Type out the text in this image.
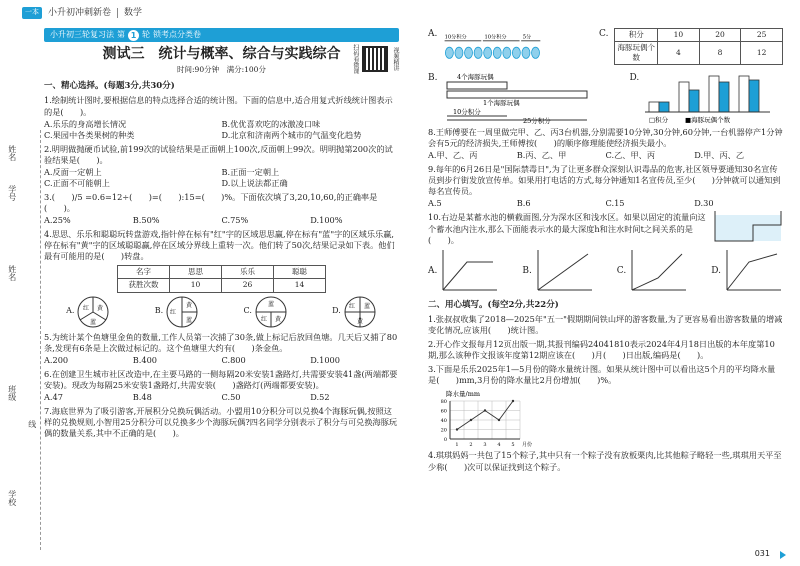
一本	小升初冲刺新卷 数学
姓名
学号
姓名
班级
线
学校
小升初三轮复习法 第 1 轮 锁考点分类卷
扫码看微课	视频精讲
测试三　统计与概率、综合与实践综合
时间:90分钟　满分:100分
一、精心选择。(每题3分,共30分)
1.绘制统计图时,要根据信息的特点选择合适的统计图。下面的信息中,适合用复式折线统计图表示的是(　　)。
A.乐乐的身高增长情况	B.优优喜欢吃的冰激凌口味
C.果园中各类果树的种类	D.北京和济南两个城市的气温变化趋势
2.明明做抛硬币试验,前199次的试验结果是正面朝上100次,反面朝上99次。明明抛第200次的试验结果是(　　)。
A.反面一定朝上	B.正面一定朝上
C.正面不可能朝上	D.以上说法都正确
3.(　　)/5 =0.6=12÷(　　)=(　　):15=(　　)%。下面依次填了3,20,10,60,的正确率是(　　)。
A.25%	B.50%	C.75%	D.100%
4.思思、乐乐和聪聪玩转盘游戏,指针停在标有"红"字的区域思思赢,停在标有"蓝"字的区域乐乐赢,停在标有"黄"字的区域聪聪赢,停在区域分界线上重转一次。他们转了50次,结果记录如下表。他们最有可能用的是(　　)转盘。
名字	思思	乐乐	聪聪
获胜次数	10	26	14
A. 红 黄
蓝
B. 红
黄
蓝
C.
蓝
红 黄
D.
红 蓝
黄
5.为统计某个鱼塘里金鱼的数量,工作人员第一次捕了30条,做上标记后放回鱼塘。几天后又捕了80条,发现有6条是上次做过标记的。这个鱼塘里大约有(　　)条金鱼。
A.200	B.400	C.800	D.1000
6.在创建卫生城市社区改造中,在主要马路的一侧每隔20米安装1盏路灯,共需要安装41盏(两端都要安装)。现改为每隔25米安装1盏路灯,共需安装(　　)盏路灯(两端都要安装)。
A.47	B.48	C.50	D.52
7.海底世界为了吸引游客,开展积分兑换玩偶活动。小盟用10分积分可以兑换4个海豚玩偶,按照这样的兑换规则,小智用25分积分可以兑换多少个海豚玩偶?四名同学分别表示了积分与可兑换海豚玩偶的数量关系,其中不正确的是(　　)。
A. 10分积分	10分积分 5分	C.	积分	10	20	25
海豚玩偶个数	4	8	12
B.	4个海豚玩偶
1个海豚玩偶
10分积分
25分积分
D.
□积分	■海豚玩偶个数
8.王师傅要在一周里做完甲、乙、丙3台机器,分别需要10分钟,30分钟,60分钟,一台机器停产1分钟会有5元的经济损失,王师傅按(　　)的顺序修理能使经济损失最小。
A.甲、乙、丙	B.丙、乙、甲	C.乙、甲、丙	D.甲、丙、乙
9.每年的6月26日是"国际禁毒日",为了让更多群众深刻认识毒品的危害,社区领导要通知30名宣传员到步行街发放宣传单。如果用打电话的方式,每分钟通知1名宣传员,至少(　　)分钟就可以通知到每名宣传员。
A.5	B.6	C.15	D.30
10.右边是某蓄水池的横截面图,分为深水区和浅水区。如果以固定的流量向这个蓄水池内注水,那么下面能表示水的最大深度h和注水时间t之间关系的是(　　)。
A.	B.	C.	D.
二、用心填写。(每空2分,共22分)
1.张叔叔收集了2018—2025年"五一"假期期间铁山坪的游客数量,为了更容易看出游客数量的增减变化情况,应该用(　　)统计图。
2.开心作文报每月12页出版一期,其报刊编码24041810表示2024年4月18日出版的本年度第10期,那么该种作文报该年度第12期应该在(　　)月(　　)日出版,编码是(　　)。
3.下面是乐乐2025年1—5月份的降水量统计图。如果从统计图中可以看出这5个月的平均降水量是(　　)mm,3月份的降水量比2月份增加(　　)%。
降水量/mm
80
60
40
20
0
1 2 3 4 5 月份
4.琪琪妈妈一共包了15个粽子,其中只有一个粽子没有放板栗肉,比其他粽子略轻一些,琪琪用天平至少称(　　)次可以保证找到这个粽子。
031
